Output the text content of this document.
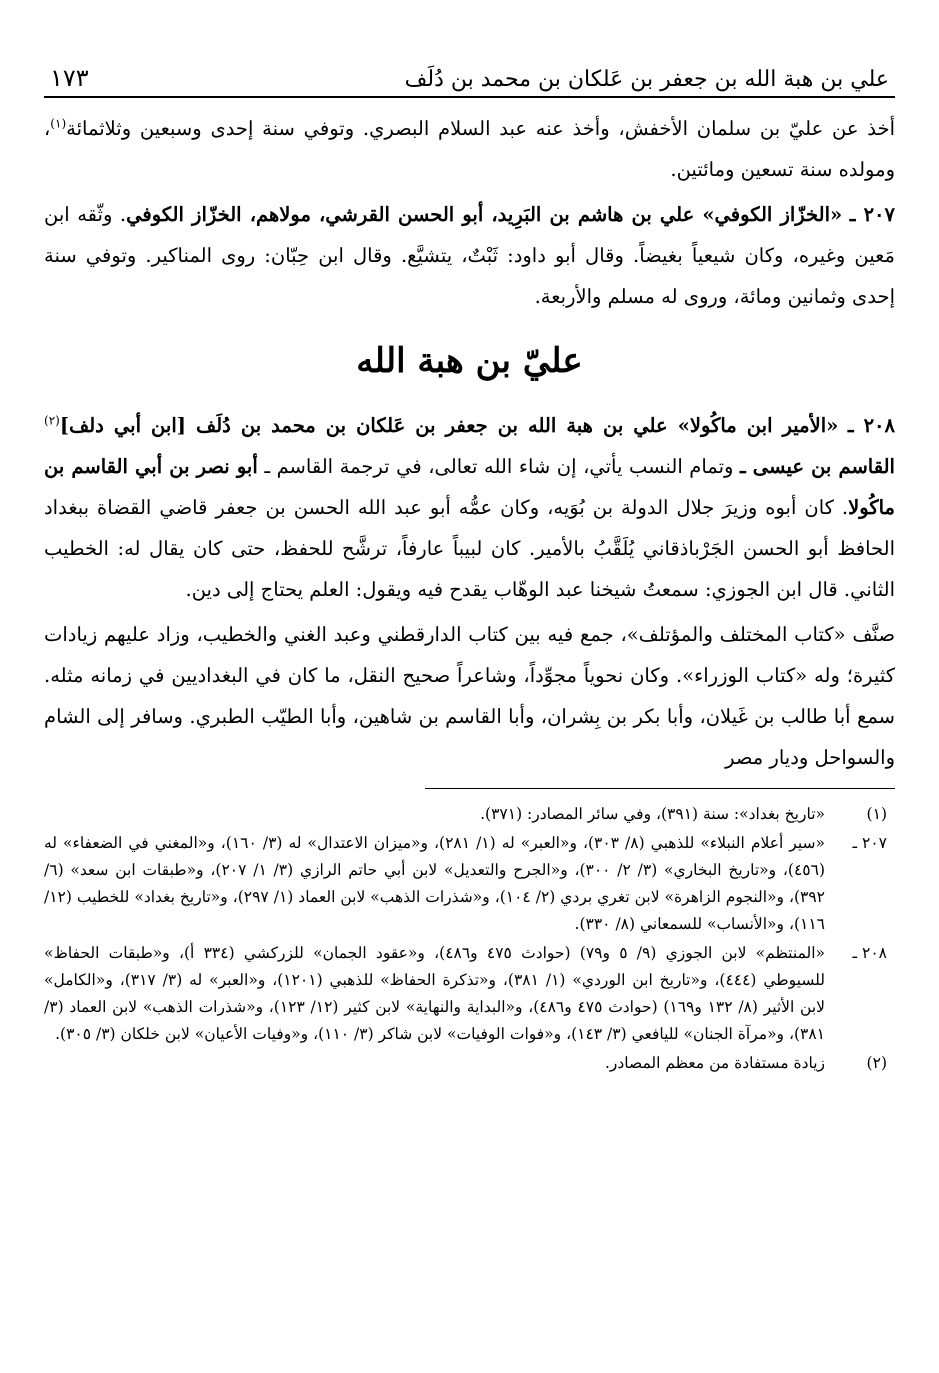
علي بن هبة الله بن جعفر بن عَلكان بن محمد بن دُلَف
١٧٣

أخذ عن عليّ بن سلمان الأخفش، وأخذ عنه عبد السلام البصري. وتوفي سنة إحدى وسبعين وثلاثمائة$^{(١)}$، ومولده سنة تسعين ومائتين.

٢٠٧ ـ «الخزّاز الكوفي» علي بن هاشم بن البَرِيد، أبو الحسن القرشي، مولاهم، الخزّاز الكوفي. وثّقه ابن مَعين وغيره، وكان شيعياً بغيضاً. وقال أبو داود: ثَبْتٌ، يتشيَّع. وقال ابن حِبّان: روى المناكير. وتوفي سنة إحدى وثمانين ومائة، وروى له مسلم والأربعة.

عليّ بن هبة الله

٢٠٨ ـ «الأمير ابن ماكُولا» علي بن هبة الله بن جعفر بن عَلكان بن محمد بن دُلَف [ابن أبي دلف]$^{(٢)}$ القاسم بن عيسى ـ وتمام النسب يأتي، إن شاء الله تعالى، في ترجمة القاسم ـ أبو نصر بن أبي القاسم بن ماكُولا. كان أبوه وزيرَ جلال الدولة بن بُوَيه، وكان عمُّه أبو عبد الله الحسن بن جعفر قاضي القضاة ببغداد الحافظ أبو الحسن الجَرْباذقاني يُلَقَّبُ بالأمير. كان لبيباً عارفاً، ترشَّح للحفظ، حتى كان يقال له: الخطيب الثاني. قال ابن الجوزي: سمعتُ شيخنا عبد الوهّاب يقدح فيه ويقول: العلم يحتاج إلى دين.

صنَّف «كتاب المختلف والمؤتلف»، جمع فيه بين كتاب الدارقطني وعبد الغني والخطيب، وزاد عليهم زيادات كثيرة؛ وله «كتاب الوزراء». وكان نحوياً مجوِّداً، وشاعراً صحيح النقل، ما كان في البغداديين في زمانه مثله. سمع أبا طالب بن غَيلان، وأبا بكر بن بِشران، وأبا القاسم بن شاهين، وأبا الطيّب الطبري. وسافر إلى الشام والسواحل وديار مصر

(١)
«تاريخ بغداد»: سنة (٣٩١)، وفي سائر المصادر: (٣٧١).
٢٠٧ ـ
«سير أعلام النبلاء» للذهبي (٨/ ٣٠٣)، و«العبر» له (١/ ٢٨١)، و«ميزان الاعتدال» له (٣/ ١٦٠)، و«المغني في الضعفاء» له (٤٥٦)، و«تاريخ البخاري» (٣/ ٢/ ٣٠٠)، و«الجرح والتعديل» لابن أبي حاتم الرازي (٣/ ١/ ٢٠٧)، و«طبقات ابن سعد» (٦/ ٣٩٢)، و«النجوم الزاهرة» لابن تغري بردي (٢/ ١٠٤)، و«شذرات الذهب» لابن العماد (١/ ٢٩٧)، و«تاريخ بغداد» للخطيب (١٢/ ١١٦)، و«الأنساب» للسمعاني (٨/ ٣٣٠).
٢٠٨ ـ
«المنتظم» لابن الجوزي (٩/ ٥ و٧٩) (حوادث ٤٧٥ و٤٨٦)، و«عقود الجمان» للزركشي (٣٣٤ أ)، و«طبقات الحفاظ» للسيوطي (٤٤٤)، و«تاريخ ابن الوردي» (١/ ٣٨١)، و«تذكرة الحفاظ» للذهبي (١٢٠١)، و«العبر» له (٣/ ٣١٧)، و«الكامل» لابن الأثير (٨/ ١٣٢ و١٦٩) (حوادث ٤٧٥ و٤٨٦)، و«البداية والنهاية» لابن كثير (١٢/ ١٢٣)، و«شذرات الذهب» لابن العماد (٣/ ٣٨١)، و«مرآة الجنان» لليافعي (٣/ ١٤٣)، و«فوات الوفيات» لابن شاكر (٣/ ١١٠)، و«وفيات الأعيان» لابن خلكان (٣/ ٣٠٥).
(٢)
زيادة مستفادة من معظم المصادر.
